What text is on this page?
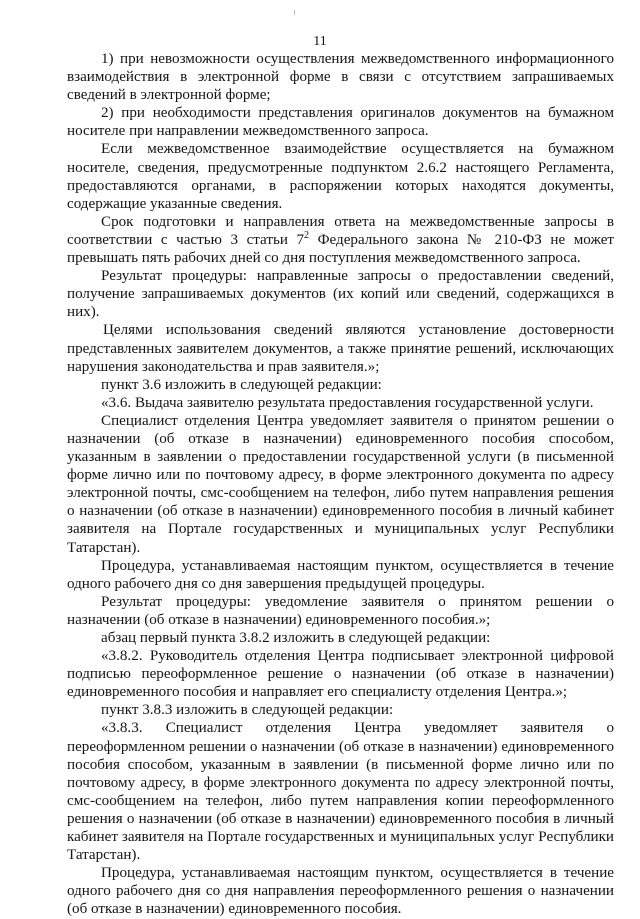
11

1) при невозможности осуществления межведомственного информационного взаимодействия в электронной форме в связи с отсутствием запрашиваемых сведений в электронной форме;

2) при необходимости представления оригиналов документов на бумажном носителе при направлении межведомственного запроса.

Если межведомственное взаимодействие осуществляется на бумажном носителе, сведения, предусмотренные подпунктом 2.6.2 настоящего Регламента, предоставляются органами, в распоряжении которых находятся документы, содержащие указанные сведения.

Срок подготовки и направления ответа на межведомственные запросы в соответствии с частью 3 статьи $7^2$ Федерального закона № 210-ФЗ не может превышать пять рабочих дней со дня поступления межведомственного запроса.

Результат процедуры: направленные запросы о предоставлении сведений, получение запрашиваемых документов (их копий или сведений, содержащихся в них).

Целями использования сведений являются установление достоверности представленных заявителем документов, а также принятие решений, исключающих нарушения законодательства и прав заявителя.»;

пункт 3.6 изложить в следующей редакции:

«3.6. Выдача заявителю результата предоставления государственной услуги.

Специалист отделения Центра уведомляет заявителя о принятом решении о назначении (об отказе в назначении) единовременного пособия способом, указанным в заявлении о предоставлении государственной услуги (в письменной форме лично или по почтовому адресу, в форме электронного документа по адресу электронной почты, смс-сообщением на телефон, либо путем направления решения о назначении (об отказе в назначении) единовременного пособия в личный кабинет заявителя на Портале государственных и муниципальных услуг Республики Татарстан).

Процедура, устанавливаемая настоящим пунктом, осуществляется в течение одного рабочего дня со дня завершения предыдущей процедуры.

Результат процедуры: уведомление заявителя о принятом решении о назначении (об отказе в назначении) единовременного пособия.»;

абзац первый пункта 3.8.2 изложить в следующей редакции:

«3.8.2. Руководитель отделения Центра подписывает электронной цифровой подписью переоформленное решение о назначении (об отказе в назначении) единовременного пособия и направляет его специалисту отделения Центра.»;

пункт 3.8.3 изложить в следующей редакции:

«3.8.3. Специалист отделения Центра уведомляет заявителя о переоформленном решении о назначении (об отказе в назначении) единовременного пособия способом, указанным в заявлении (в письменной форме лично или по почтовому адресу, в форме электронного документа по адресу электронной почты, смс-сообщением на телефон, либо путем направления копии переоформленного решения о назначении (об отказе в назначении) единовременного пособия в личный кабинет заявителя на Портале государственных и муниципальных услуг Республики Татарстан).

Процедура, устанавливаемая настоящим пунктом, осуществляется в течение одного рабочего дня со дня направления переоформленного решения о назначении (об отказе в назначении) единовременного пособия.
